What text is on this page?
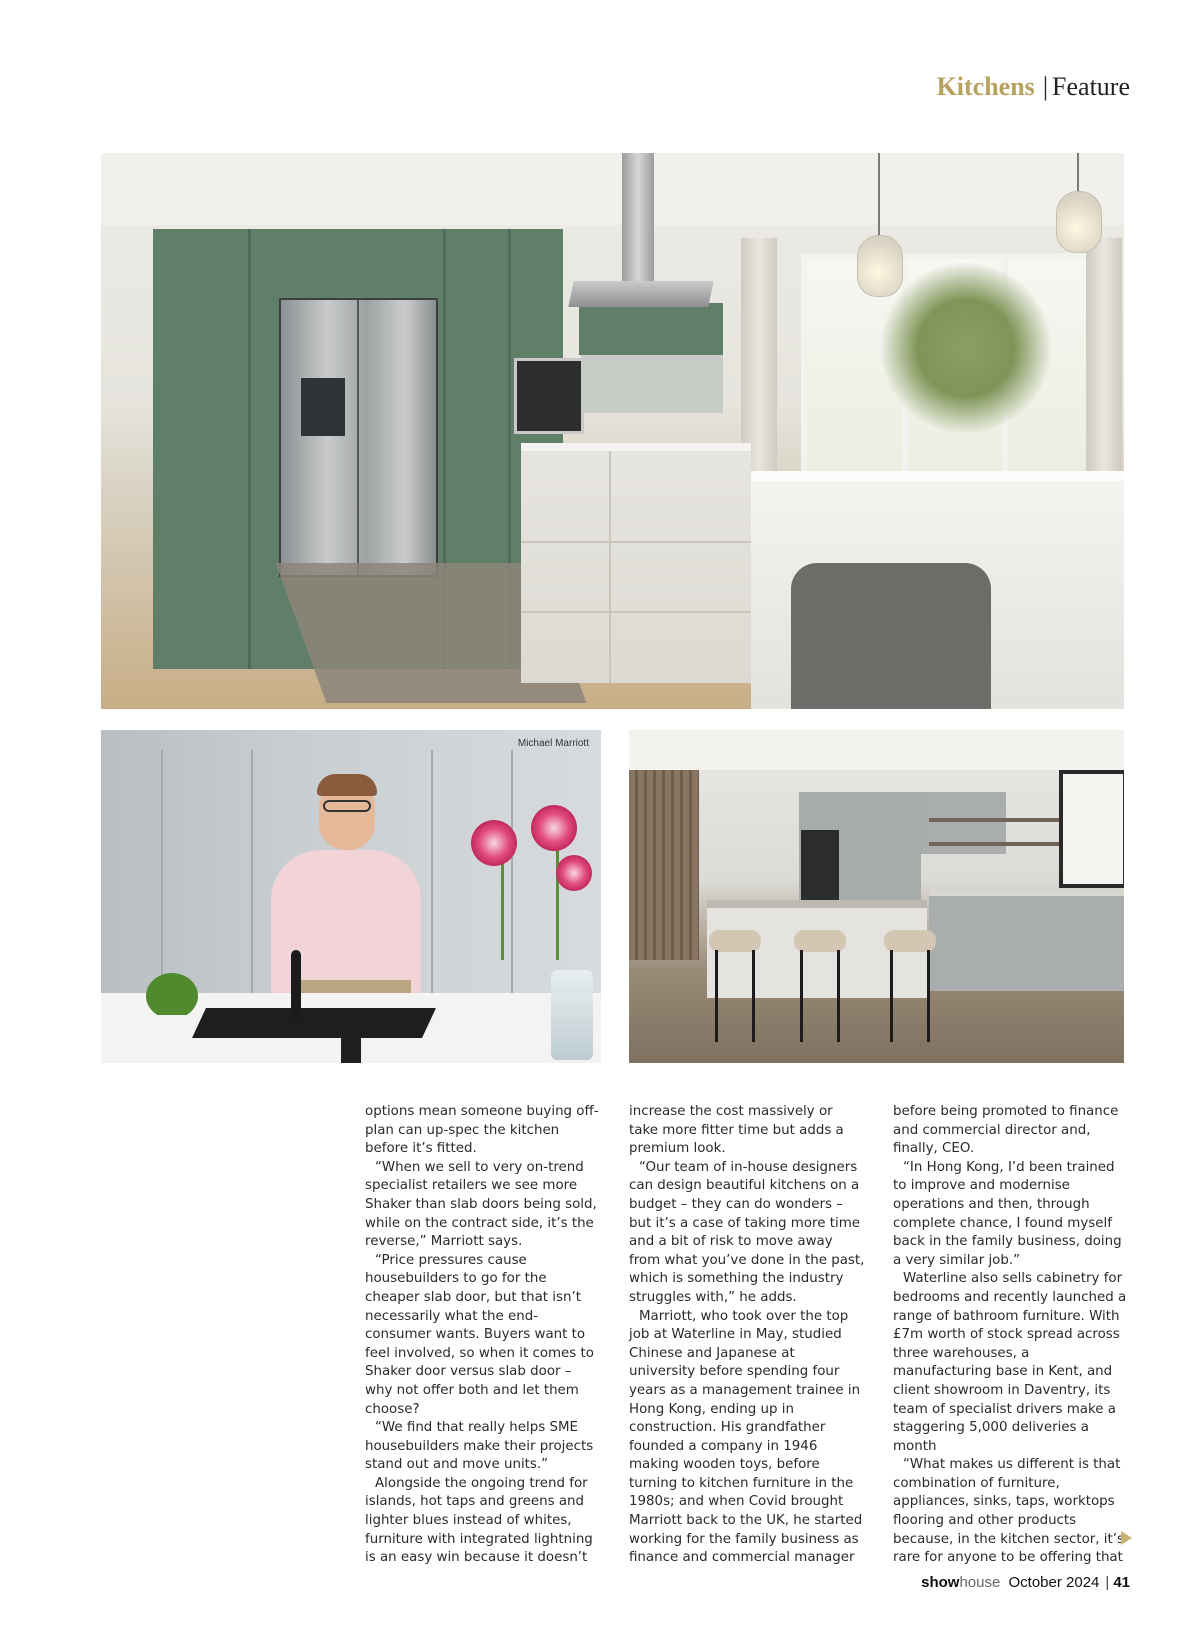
Kitchens | Feature
Michael Marriott

options mean someone buying off-plan can up-spec the kitchen before it’s fitted.

“When we sell to very on-trend specialist retailers we see more Shaker than slab doors being sold, while on the contract side, it’s the reverse,” Marriott says.

“Price pressures cause housebuilders to go for the cheaper slab door, but that isn’t necessarily what the end-consumer wants. Buyers want to feel involved, so when it comes to Shaker door versus slab door – why not offer both and let them choose?

“We find that really helps SME housebuilders make their projects stand out and move units.”

Alongside the ongoing trend for islands, hot taps and greens and lighter blues instead of whites, furniture with integrated lightning is an easy win because it doesn’t

increase the cost massively or take more fitter time but adds a premium look.

“Our team of in-house designers can design beautiful kitchens on a budget – they can do wonders – but it’s a case of taking more time and a bit of risk to move away from what you’ve done in the past, which is something the industry struggles with,” he adds.

Marriott, who took over the top job at Waterline in May, studied Chinese and Japanese at university before spending four years as a management trainee in Hong Kong, ending up in construction. His grandfather founded a company in 1946 making wooden toys, before turning to kitchen furniture in the 1980s; and when Covid brought Marriott back to the UK, he started working for the family business as finance and commercial manager

before being promoted to finance and commercial director and, finally, CEO.

“In Hong Kong, I’d been trained to improve and modernise operations and then, through complete chance, I found myself back in the family business, doing a very similar job.”

Waterline also sells cabinetry for bedrooms and recently launched a range of bathroom furniture. With £7m worth of stock spread across three warehouses, a manufacturing base in Kent, and client showroom in Daventry, its team of specialist drivers make a staggering 5,000 deliveries a month

“What makes us different is that combination of furniture, appliances, sinks, taps, worktops flooring and other products because, in the kitchen sector, it’s rare for anyone to be offering that

showhouse October 2024 | 41
